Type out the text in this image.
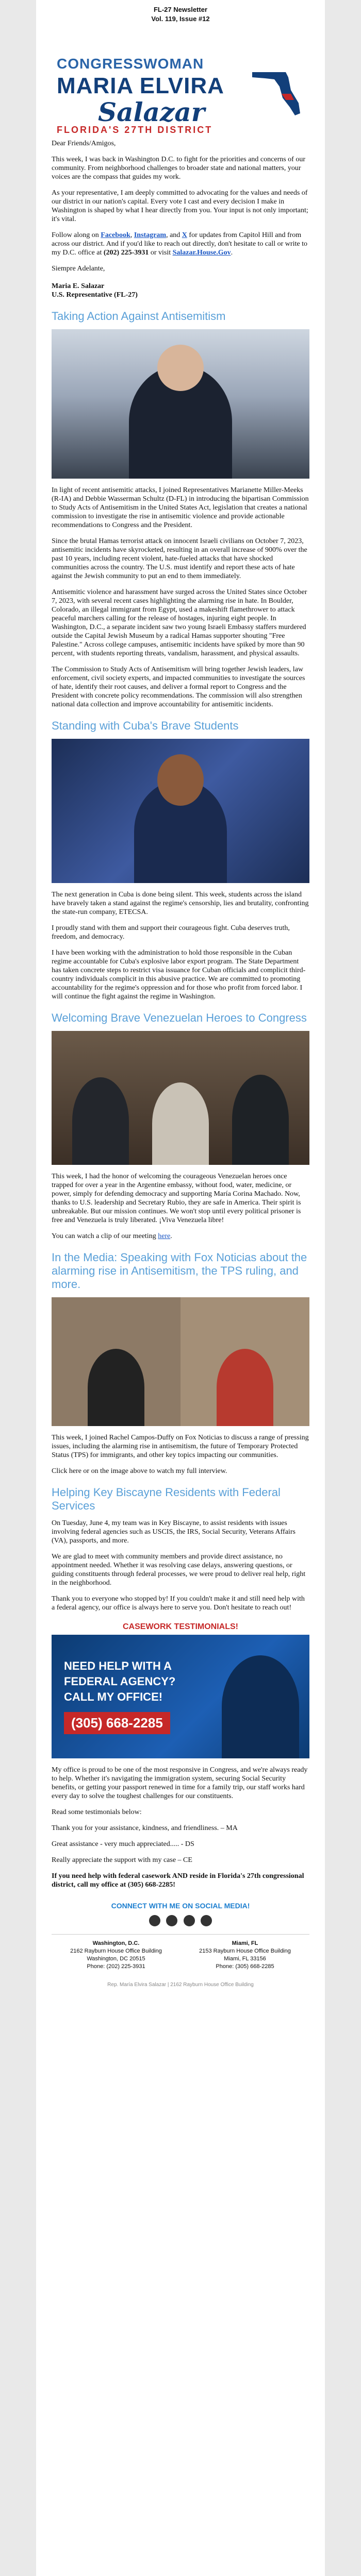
FL-27 Newsletter
Vol. 119, Issue #12
CONGRESSWOMAN
MARIA ELVIRA
Salazar
FLORIDA'S 27TH DISTRICT

Dear Friends/Amigos,

This week, I was back in Washington D.C. to fight for the priorities and concerns of our community. From neighborhood challenges to broader state and national matters, your voices are the compass that guides my work.

As your representative, I am deeply committed to advocating for the values and needs of our district in our nation's capital. Every vote I cast and every decision I make in Washington is shaped by what I hear directly from you. Your input is not only important; it's vital.

Follow along on Facebook, Instagram, and X for updates from Capitol Hill and from across our district. And if you'd like to reach out directly, don't hesitate to call or write to my D.C. office at (202) 225-3931 or visit Salazar.House.Gov.

Siempre Adelante,

Maria E. Salazar
U.S. Representative (FL-27)

Taking Action Against Antisemitism

In light of recent antisemitic attacks, I joined Representatives Marianette Miller-Meeks (R-IA) and Debbie Wasserman Schultz (D-FL) in introducing the bipartisan Commission to Study Acts of Antisemitism in the United States Act, legislation that creates a national commission to investigate the rise in antisemitic violence and provide actionable recommendations to Congress and the President.

Since the brutal Hamas terrorist attack on innocent Israeli civilians on October 7, 2023, antisemitic incidents have skyrocketed, resulting in an overall increase of 900% over the past 10 years, including recent violent, hate-fueled attacks that have shocked communities across the country. The U.S. must identify and report these acts of hate against the Jewish community to put an end to them immediately.

Antisemitic violence and harassment have surged across the United States since October 7, 2023, with several recent cases highlighting the alarming rise in hate. In Boulder, Colorado, an illegal immigrant from Egypt, used a makeshift flamethrower to attack peaceful marchers calling for the release of hostages, injuring eight people. In Washington, D.C., a separate incident saw two young Israeli Embassy staffers murdered outside the Capital Jewish Museum by a radical Hamas supporter shouting "Free Palestine." Across college campuses, antisemitic incidents have spiked by more than 90 percent, with students reporting threats, vandalism, harassment, and physical assaults.

The Commission to Study Acts of Antisemitism will bring together Jewish leaders, law enforcement, civil society experts, and impacted communities to investigate the sources of hate, identify their root causes, and deliver a formal report to Congress and the President with concrete policy recommendations. The commission will also strengthen national data collection and improve accountability for antisemitic incidents.

Standing with Cuba's Brave Students

The next generation in Cuba is done being silent. This week, students across the island have bravely taken a stand against the regime's censorship, lies and brutality, confronting the state-run company, ETECSA.

I proudly stand with them and support their courageous fight. Cuba deserves truth, freedom, and democracy.

I have been working with the administration to hold those responsible in the Cuban regime accountable for Cuba's explosive labor export program. The State Department has taken concrete steps to restrict visa issuance for Cuban officials and complicit third-country individuals complicit in this abusive practice. We are committed to promoting accountability for the regime's oppression and for those who profit from forced labor. I will continue the fight against the regime in Washington.

Welcoming Brave Venezuelan Heroes to Congress

This week, I had the honor of welcoming the courageous Venezuelan heroes once trapped for over a year in the Argentine embassy, without food, water, medicine, or power, simply for defending democracy and supporting María Corina Machado. Now, thanks to U.S. leadership and Secretary Rubio, they are safe in America. Their spirit is unbreakable. But our mission continues. We won't stop until every political prisoner is free and Venezuela is truly liberated. ¡Viva Venezuela libre!

You can watch a clip of our meeting here.

In the Media: Speaking with Fox Noticias about the alarming rise in Antisemitism, the TPS ruling, and more.

This week, I joined Rachel Campos-Duffy on Fox Noticias to discuss a range of pressing issues, including the alarming rise in antisemitism, the future of Temporary Protected Status (TPS) for immigrants, and other key topics impacting our communities.

Click here or on the image above to watch my full interview.

Helping Key Biscayne Residents with Federal Services

On Tuesday, June 4, my team was in Key Biscayne, to assist residents with issues involving federal agencies such as USCIS, the IRS, Social Security, Veterans Affairs (VA), passports, and more.

We are glad to meet with community members and provide direct assistance, no appointment needed. Whether it was resolving case delays, answering questions, or guiding constituents through federal processes, we were proud to deliver real help, right in the neighborhood.

Thank you to everyone who stopped by! If you couldn't make it and still need help with a federal agency, our office is always here to serve you. Don't hesitate to reach out!

CASEWORK TESTIMONIALS!
NEED HELP WITH A
FEDERAL AGENCY?
CALL MY OFFICE!
(305) 668-2285

My office is proud to be one of the most responsive in Congress, and we're always ready to help. Whether it's navigating the immigration system, securing Social Security benefits, or getting your passport renewed in time for a family trip, our staff works hard every day to solve the toughest challenges for our constituents.

Read some testimonials below:

Thank you for your assistance, kindness, and friendliness. – MA

Great assistance - very much appreciated..... - DS

Really appreciate the support with my case – CE

If you need help with federal casework AND reside in Florida's 27th congressional district, call my office at (305) 668-2285!

CONNECT WITH ME ON SOCIAL MEDIA!

Washington, D.C.
2162 Rayburn House Office Building
Washington, DC 20515
Phone: (202) 225-3931
Miami, FL
2153 Rayburn House Office Building
Miami, FL 33156
Phone: (305) 668-2285
Rep. María Elvira Salazar | 2162 Rayburn House Office Building
